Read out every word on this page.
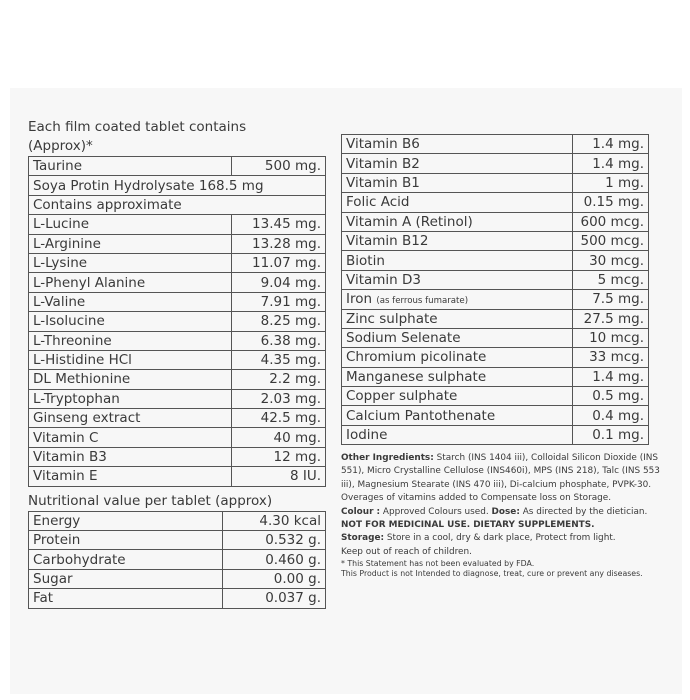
Each film coated tablet contains

(Approx)*

Taurine	500 mg.
Soya Protin Hydrolysate 168.5 mg	
Contains approximate	
L-Lucine	13.45 mg.
L-Arginine	13.28 mg.
L-Lysine	11.07 mg.
L-Phenyl Alanine	9.04 mg.
L-Valine	7.91 mg.
L-Isolucine	8.25 mg.
L-Threonine	6.38 mg.
L-Histidine HCl	4.35 mg.
DL Methionine	2.2 mg.
L-Tryptophan	2.03 mg.
Ginseng extract	42.5 mg.
Vitamin C	40 mg.
Vitamin B3	12 mg.
Vitamin E	8 IU.
Nutritional value per tablet (approx)
Energy	4.30 kcal
Protein	0.532 g.
Carbohydrate	0.460 g.
Sugar	0.00 g.
Fat	0.037 g.
Vitamin B6	1.4 mg.
Vitamin B2	1.4 mg.
Vitamin B1	1 mg.
Folic Acid	0.15 mg.
Vitamin A (Retinol)	600 mcg.
Vitamin B12	500 mcg.
Biotin	30 mcg.
Vitamin D3	5 mcg.
Iron (as ferrous fumarate)	7.5 mg.
Zinc sulphate	27.5 mg.
Sodium Selenate	10 mcg.
Chromium picolinate	33 mcg.
Manganese sulphate	1.4 mg.
Copper sulphate	0.5 mg.
Calcium Pantothenate	0.4 mg.
Iodine	0.1 mg.

Other Ingredients: Starch (INS 1404 iii), Colloidal Silicon Dioxide (INS 551), Micro Crystalline Cellulose (INS460i), MPS (INS 218), Talc (INS 553 iii), Magnesium Stearate (INS 470 iii), Di-calcium phosphate, PVPK-30.

Overages of vitamins added to Compensate loss on Storage.

Colour : Approved Colours used. Dose: As directed by the dietician.

NOT FOR MEDICINAL USE. DIETARY SUPPLEMENTS.

Storage: Store in a cool, dry & dark place, Protect from light.

Keep out of reach of children.

* This Statement has not been evaluated by FDA.

This Product is not Intended to diagnose, treat, cure or prevent any diseases.
